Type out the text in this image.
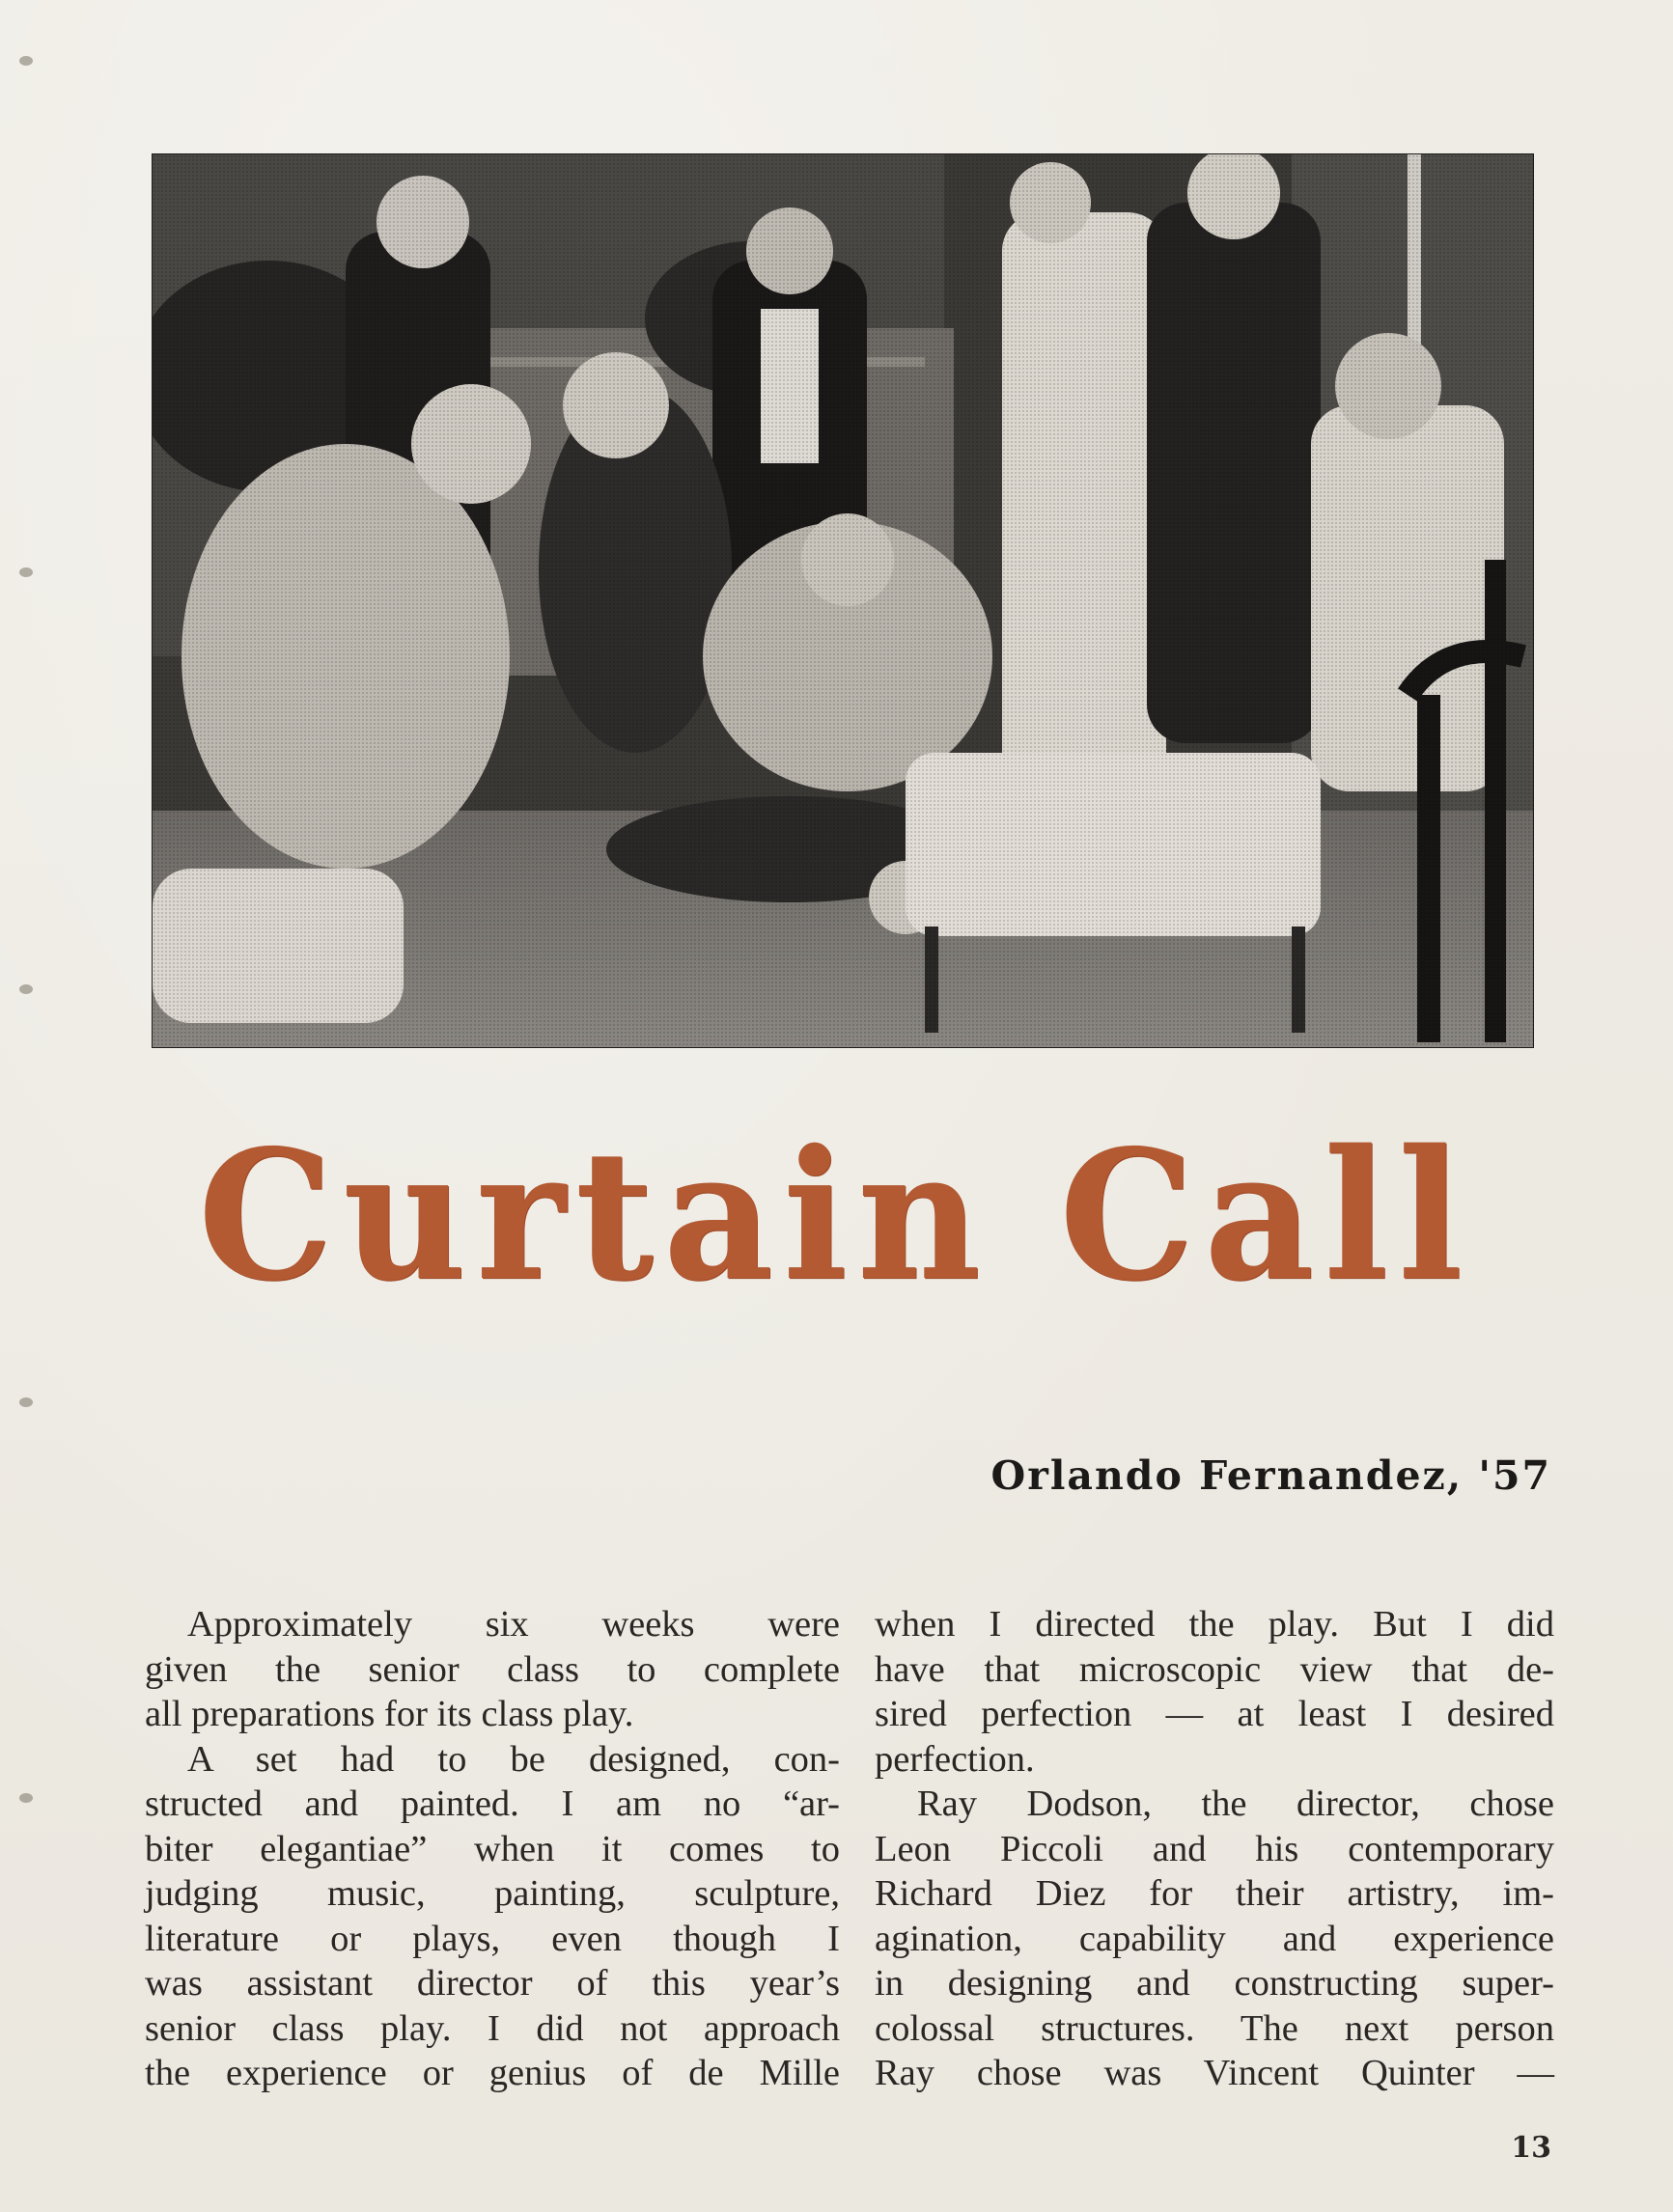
Curtain Call
Orlando Fernandez, '57
Approximately six weeks were
given the senior class to complete
all preparations for its class play.
A set had to be designed, con-
structed and painted. I am no “ar-
biter elegantiae” when it comes to
judging music, painting, sculpture,
literature or plays, even though I
was assistant director of this year’s
senior class play. I did not approach
the experience or genius of de Mille
when I directed the play. But I did
have that microscopic view that de-
sired perfection — at least I desired
perfection.
Ray Dodson, the director, chose
Leon Piccoli and his contemporary
Richard Diez for their artistry, im-
agination, capability and experience
in designing and constructing super-
colossal structures. The next person
Ray chose was Vincent Quinter —
13
